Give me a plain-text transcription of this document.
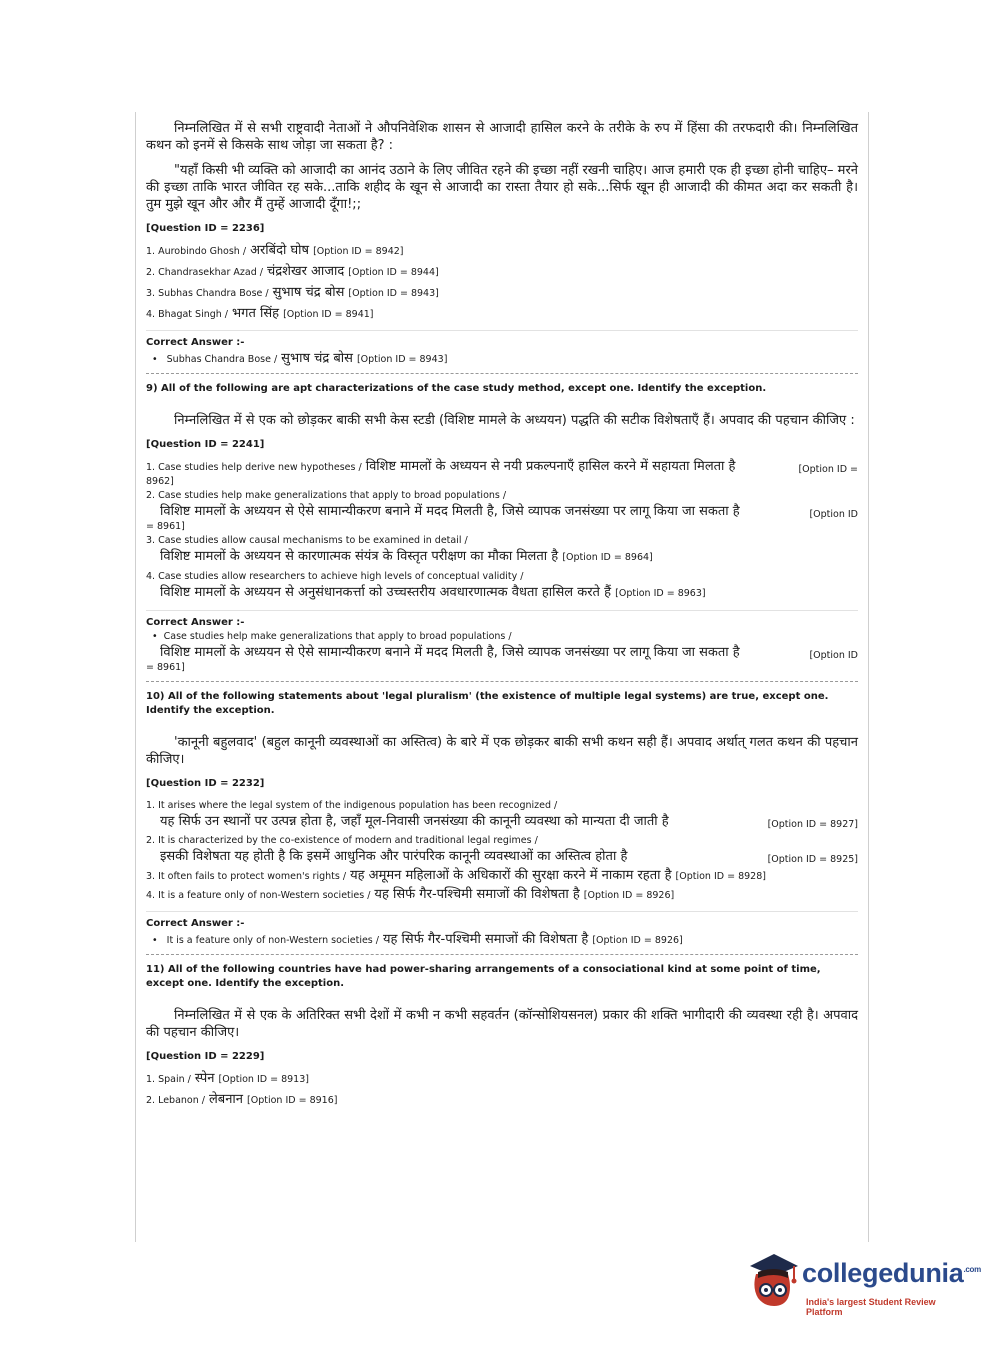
निम्नलिखित में से सभी राष्ट्रवादी नेताओं ने औपनिवेशिक शासन से आजादी हासिल करने के तरीके के रुप में हिंसा की तरफदारी की। निम्नलिखित कथन को इनमें से किसके साथ जोड़ा जा सकता है? :

"यहाँ किसी भी व्यक्ति को आजादी का आनंद उठाने के लिए जीवित रहने की इच्छा नहीं रखनी चाहिए। आज हमारी एक ही इच्छा होनी चाहिए– मरने की इच्छा ताकि भारत जीवित रह सके...ताकि शहीद के खून से आजादी का रास्ता तैयार हो सके...सिर्फ खून ही आजादी की कीमत अदा कर सकती है। तुम मुझे खून और और मैं तुम्हें आजादी दूँगा!;;

[Question ID = 2236]

1. Aurobindo Ghosh / अरबिंदो घोष [Option ID = 8942]

2. Chandrasekhar Azad / चंद्रशेखर आजाद [Option ID = 8944]

3. Subhas Chandra Bose / सुभाष चंद्र बोस [Option ID = 8943]

4. Bhagat Singh / भगत सिंह [Option ID = 8941]

Correct Answer :-

• Subhas Chandra Bose / सुभाष चंद्र बोस [Option ID = 8943]

9) All of the following are apt characterizations of the case study method, except one. Identify the exception.

निम्नलिखित में से एक को छोड़कर बाकी सभी केस स्टडी (विशिष्ट मामले के अध्ययन) पद्धति की सटीक विशेषताएँ हैं। अपवाद की पहचान कीजिए :

[Question ID = 2241]

1. Case studies help derive new hypotheses / विशिष्ट मामलों के अध्ययन से नयी प्रकल्पनाएँ हासिल करने में सहायता मिलता है	[Option ID =

8962]

2. Case studies help make generalizations that apply to broad populations /

विशिष्ट मामलों के अध्ययन से ऐसे सामान्यीकरण बनाने में मदद मिलती है, जिसे व्यापक जनसंख्या पर लागू किया जा सकता है	[Option ID

= 8961]

3. Case studies allow causal mechanisms to be examined in detail /

विशिष्ट मामलों के अध्ययन से कारणात्मक संयंत्र के विस्तृत परीक्षण का मौका मिलता है [Option ID = 8964]

4. Case studies allow researchers to achieve high levels of conceptual validity /

विशिष्ट मामलों के अध्ययन से अनुसंधानकर्त्ता को उच्चस्तरीय अवधारणात्मक वैधता हासिल करते हैं [Option ID = 8963]

Correct Answer :-

• Case studies help make generalizations that apply to broad populations /

विशिष्ट मामलों के अध्ययन से ऐसे सामान्यीकरण बनाने में मदद मिलती है, जिसे व्यापक जनसंख्या पर लागू किया जा सकता है	[Option ID

= 8961]

10) All of the following statements about 'legal pluralism' (the existence of multiple legal systems) are true, except one. Identify the exception.

'कानूनी बहुलवाद' (बहुल कानूनी व्यवस्थाओं का अस्तित्व) के बारे में एक छोड़कर बाकी सभी कथन सही हैं। अपवाद अर्थात् गलत कथन की पहचान कीजिए।

[Question ID = 2232]

1. It arises where the legal system of the indigenous population has been recognized /

यह सिर्फ उन स्थानों पर उत्पन्न होता है, जहाँ मूल-निवासी जनसंख्या की कानूनी व्यवस्था को मान्यता दी जाती है	[Option ID = 8927]

2. It is characterized by the co-existence of modern and traditional legal regimes /

इसकी विशेषता यह होती है कि इसमें आधुनिक और पारंपरिक कानूनी व्यवस्थाओं का अस्तित्व होता है	[Option ID = 8925]

3. It often fails to protect women's rights / यह अमूमन महिलाओं के अधिकारों की सुरक्षा करने में नाकाम रहता है [Option ID = 8928]

4. It is a feature only of non-Western societies / यह सिर्फ गैर-पश्चिमी समाजों की विशेषता है [Option ID = 8926]

Correct Answer :-

• It is a feature only of non-Western societies / यह सिर्फ गैर-पश्चिमी समाजों की विशेषता है [Option ID = 8926]

11) All of the following countries have had power-sharing arrangements of a consociational kind at some point of time, except one. Identify the exception.

निम्नलिखित में से एक के अतिरिक्त सभी देशों में कभी न कभी सहवर्तन (कॉन्सोशियसनल) प्रकार की शक्ति भागीदारी की व्यवस्था रही है। अपवाद की पहचान कीजिए।

[Question ID = 2229]

1. Spain / स्पेन [Option ID = 8913]

2. Lebanon / लेबनान [Option ID = 8916]

collegedunia$^{.com}$
India's largest Student Review Platform
